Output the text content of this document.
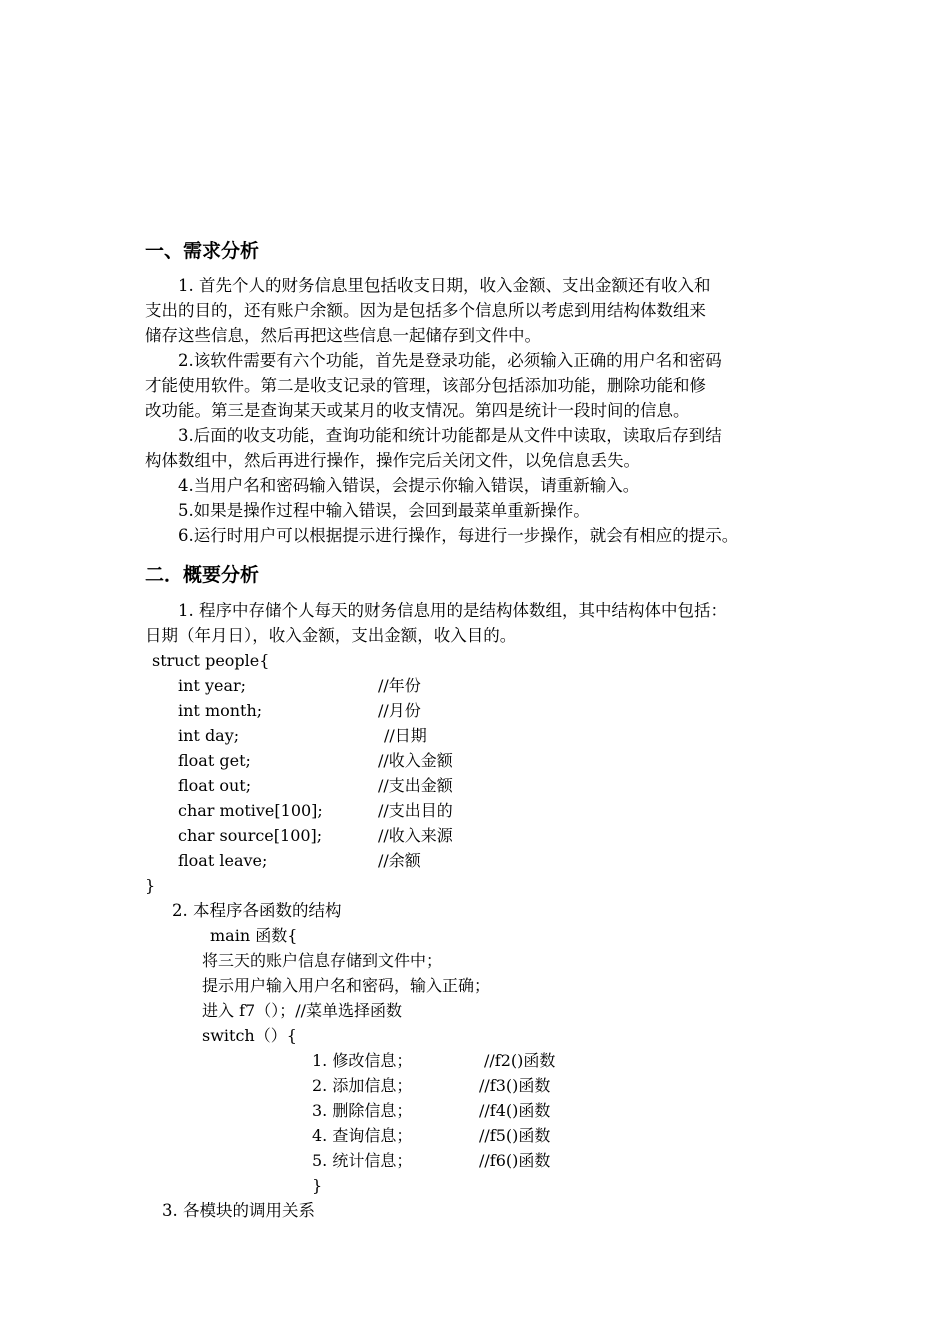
一、需求分析
1. 首先个人的财务信息里包括收支日期，收入金额、支出金额还有收入和
支出的目的，还有账户余额。因为是包括多个信息所以考虑到用结构体数组来
储存这些信息，然后再把这些信息一起储存到文件中。
2.该软件需要有六个功能，首先是登录功能，必须输入正确的用户名和密码
才能使用软件。第二是收支记录的管理，该部分包括添加功能，删除功能和修
改功能。第三是查询某天或某月的收支情况。第四是统计一段时间的信息。
3.后面的收支功能，查询功能和统计功能都是从文件中读取，读取后存到结
构体数组中，然后再进行操作，操作完后关闭文件，以免信息丢失。
4.当用户名和密码输入错误，会提示你输入错误，请重新输入。
5.如果是操作过程中输入错误，会回到最菜单重新操作。
6.运行时用户可以根据提示进行操作，每进行一步操作，就会有相应的提示。
二．概要分析
1. 程序中存储个人每天的财务信息用的是结构体数组，其中结构体中包括：
日期（年月日），收入金额，支出金额，收入目的。
struct people{
int year;	//年份
int month;	//月份
int day;	//日期
float get;	//收入金额
float out;	//支出金额
char motive[100];	//支出目的
char source[100];	//收入来源
float leave;	//余额
}
2. 本程序各函数的结构
main 函数{
将三天的账户信息存储到文件中；
提示用户输入用户名和密码，输入正确；
进入 f7（）；//菜单选择函数
switch（）{
1. 修改信息；	//f2()函数
2. 添加信息；	//f3()函数
3. 删除信息；	//f4()函数
4. 查询信息；	//f5()函数
5. 统计信息；	//f6()函数
}
3. 各模块的调用关系
